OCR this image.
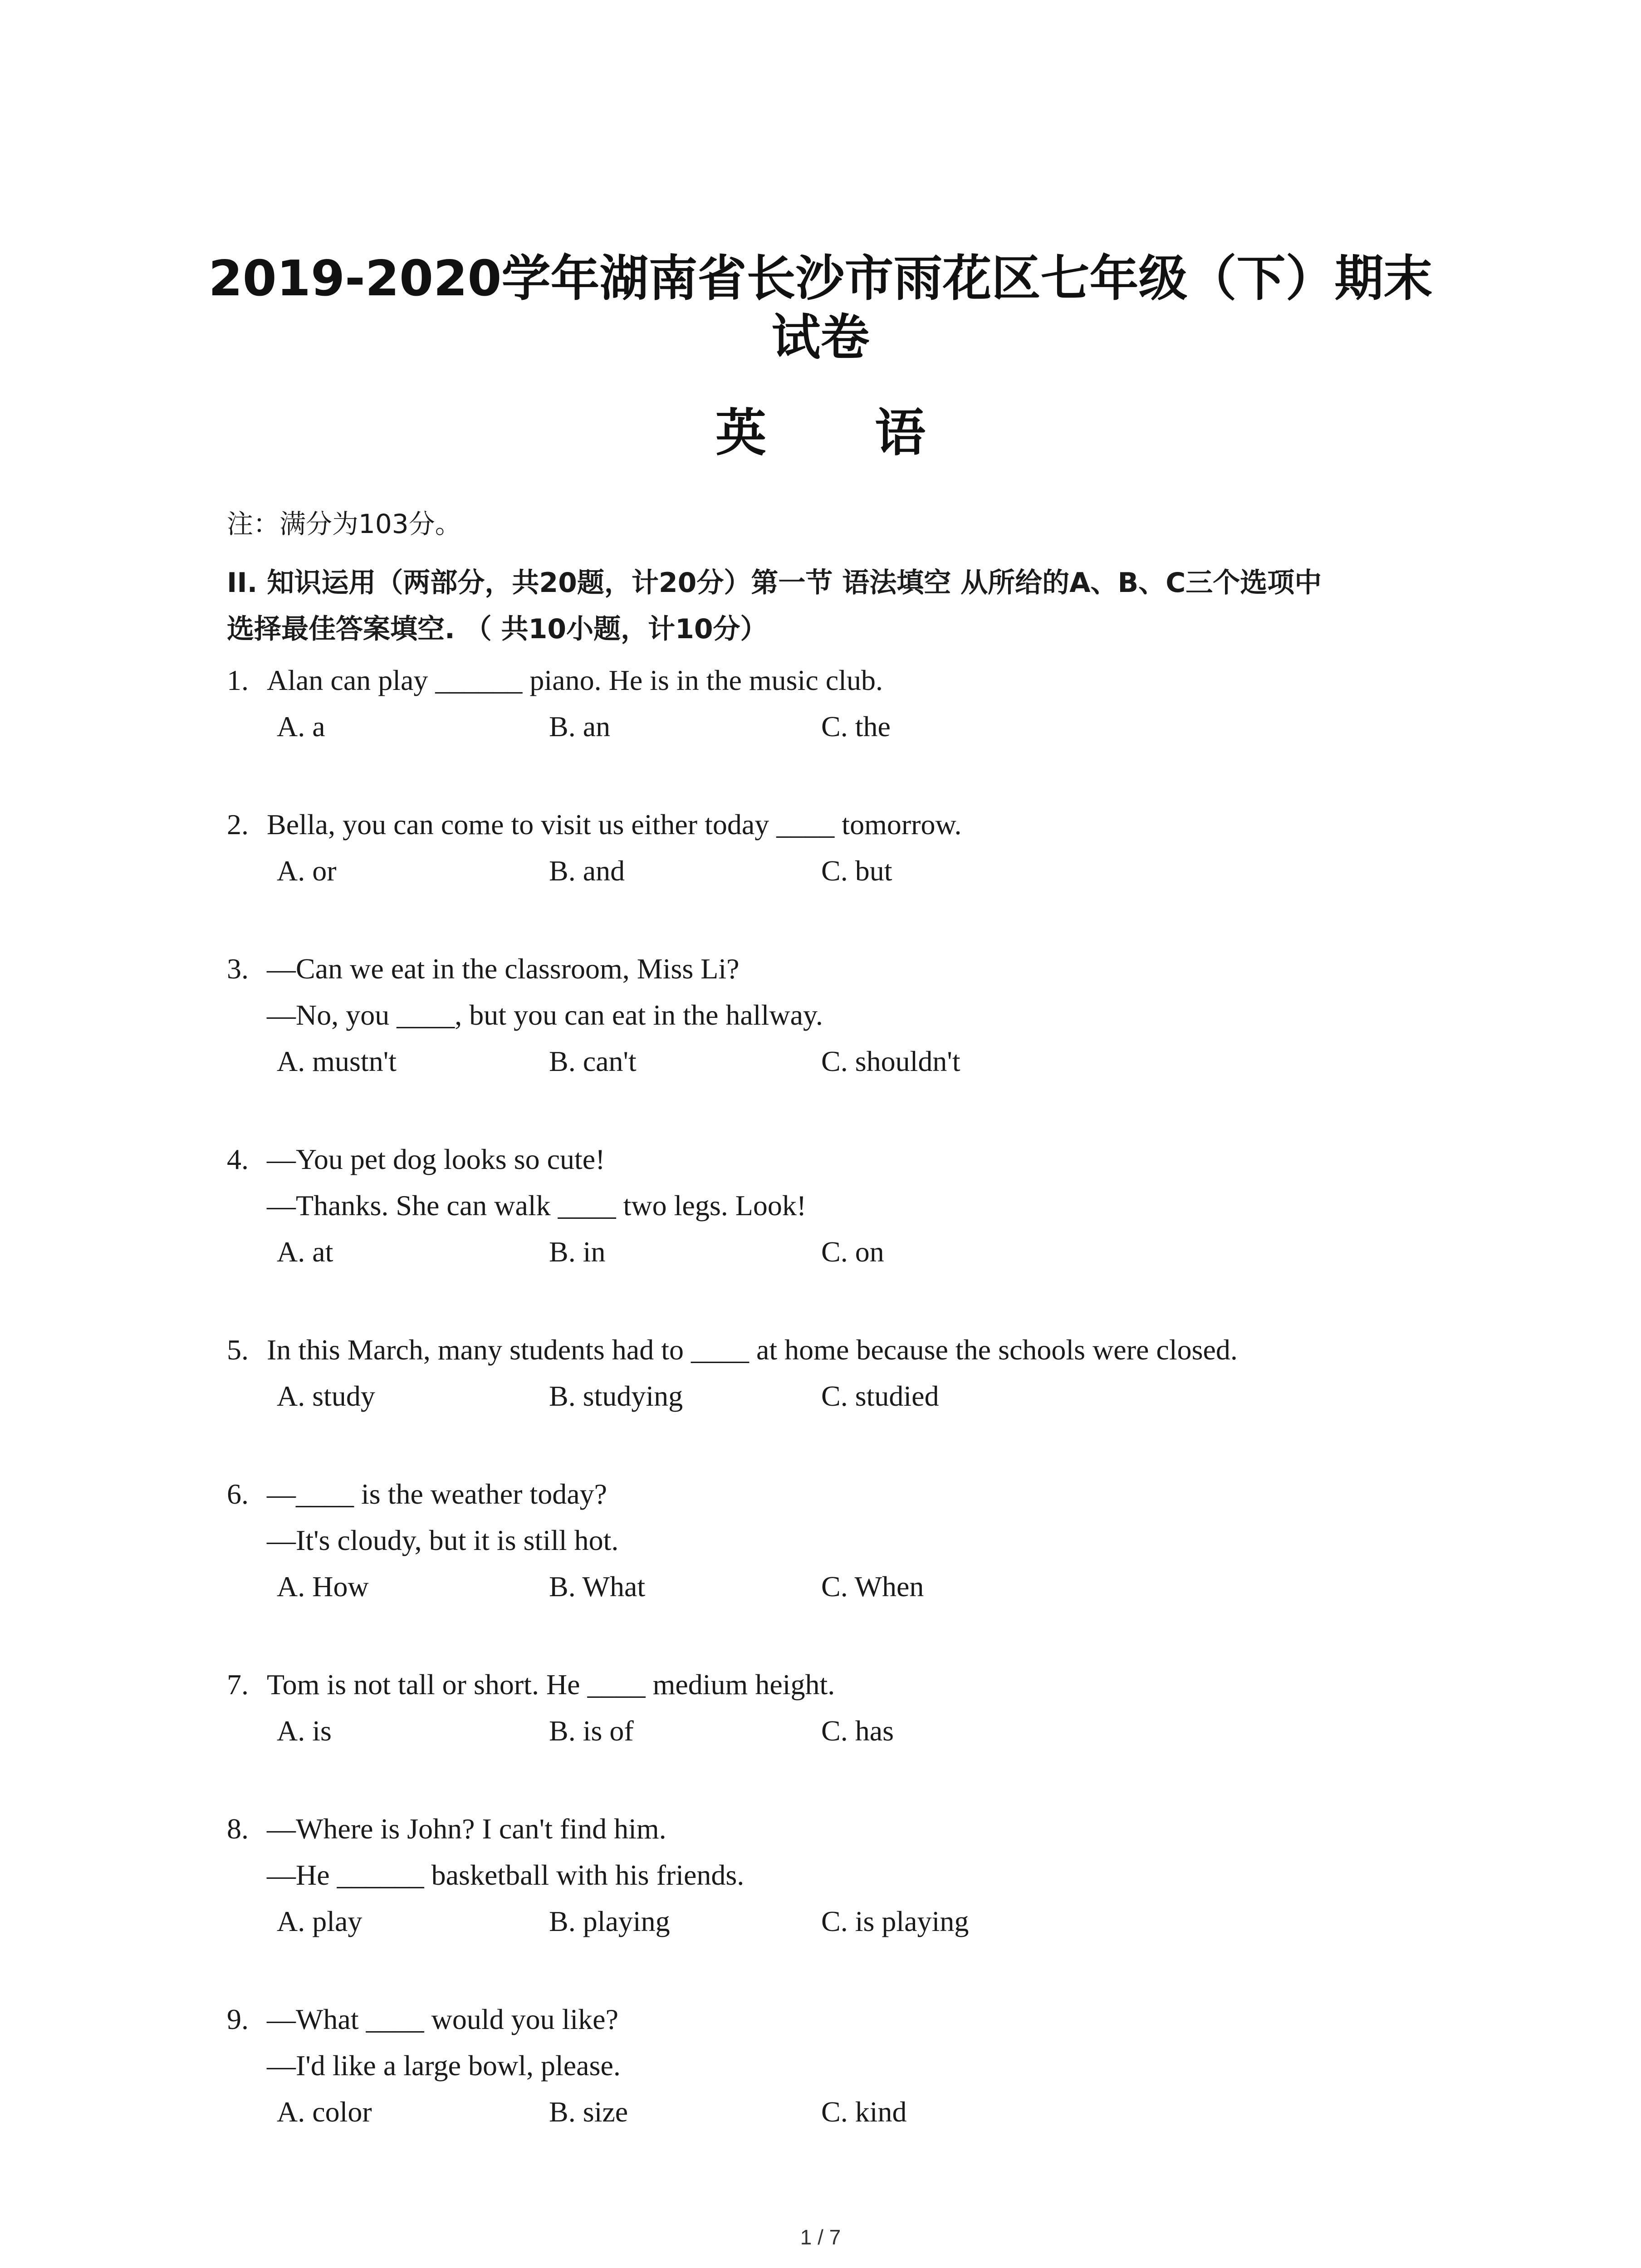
2019-2020学年湖南省长沙市雨花区七年级（下）期末
试卷
英 语
注：满分为103分。
II. 知识运用（两部分，共20题，计20分）第一节 语法填空 从所给的A、B、C三个选项中
选择最佳答案填空. （ 共10小题，计10分）
1. Alan can play ______ piano. He is in the music club.
A. a	B. an	C. the
2. Bella, you can come to visit us either today ____ tomorrow.
A. or	B. and	C. but
3. —Can we eat in the classroom, Miss Li?
—No, you ____, but you can eat in the hallway.
A. mustn't	B. can't	C. shouldn't
4. —You pet dog looks so cute!
—Thanks. She can walk ____ two legs. Look!
A. at	B. in	C. on
5. In this March, many students had to ____ at home because the schools were closed.
A. study	B. studying	C. studied
6. —____ is the weather today?
—It's cloudy, but it is still hot.
A. How	B. What	C. When
7. Tom is not tall or short. He ____ medium height.
A. is	B. is of	C. has
8. —Where is John? I can't find him.
—He ______ basketball with his friends.
A. play	B. playing	C. is playing
9. —What ____ would you like?
—I'd like a large bowl, please.
A. color	B. size	C. kind
1 / 7
